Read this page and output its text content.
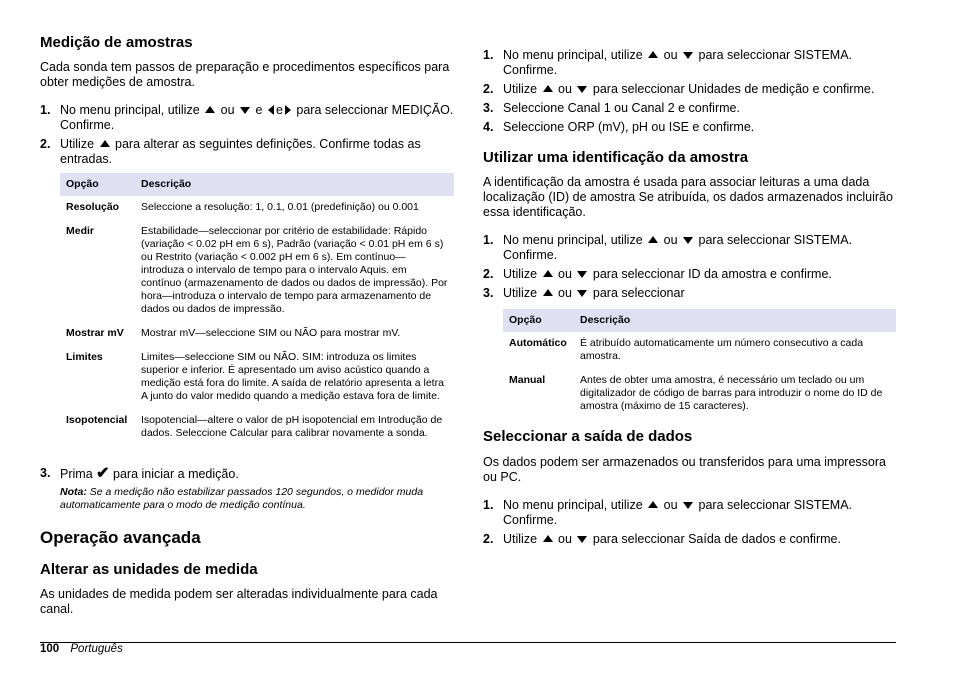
Medição de amostras

Cada sonda tem passos de preparação e procedimentos específicos para obter medições de amostra.

1. No menu principal, utilize ou e e para seleccionar MEDIÇÃO. Confirme.
2. Utilize para alterar as seguintes definições. Confirme todas as entradas.
Opção	Descrição
Resolução	Seleccione a resolução: 1, 0.1, 0.01 (predefinição) ou 0.001
Medir	Estabilidade—seleccionar por critério de estabilidade: Rápido (variação < 0.02 pH em 6 s), Padrão (variação < 0.01 pH em 6 s) ou Restrito (variação < 0.002 pH em 6 s). Em contínuo—introduza o intervalo de tempo para o intervalo Aquis. em contínuo (armazenamento de dados ou dados de impressão). Por hora—introduza o intervalo de tempo para armazenamento de dados ou dados de impressão.
Mostrar mV	Mostrar mV—seleccione SIM ou NÃO para mostrar mV.
Limites	Limites—seleccione SIM ou NÃO. SIM: introduza os limites superior e inferior. É apresentado um aviso acústico quando a medição está fora do limite. A saída de relatório apresenta a letra A junto do valor medido quando a medição estava fora de limite.
Isopotencial	Isopotencial—altere o valor de pH isopotencial em Introdução de dados. Seleccione Calcular para calibrar novamente a sonda.
3. Prima ✔ para iniciar a medição.
Nota: Se a medição não estabilizar passados 120 segundos, o medidor muda automaticamente para o modo de medição contínua.
Operação avançada
Alterar as unidades de medida

As unidades de medida podem ser alteradas individualmente para cada canal.

1. No menu principal, utilize ou para seleccionar SISTEMA. Confirme.
2. Utilize ou para seleccionar Unidades de medição e confirme.
3. Seleccione Canal 1 ou Canal 2 e confirme.
4. Seleccione ORP (mV), pH ou ISE e confirme.
Utilizar uma identificação da amostra

A identificação da amostra é usada para associar leituras a uma dada localização (ID) de amostra Se atribuída, os dados armazenados incluirão essa identificação.

1. No menu principal, utilize ou para seleccionar SISTEMA. Confirme.
2. Utilize ou para seleccionar ID da amostra e confirme.
3. Utilize ou para seleccionar
Opção	Descrição
Automático	É atribuído automaticamente um número consecutivo a cada amostra.
Manual	Antes de obter uma amostra, é necessário um teclado ou um digitalizador de código de barras para introduzir o nome do ID de amostra (máximo de 15 caracteres).
Seleccionar a saída de dados

Os dados podem ser armazenados ou transferidos para uma impressora ou PC.

1. No menu principal, utilize ou para seleccionar SISTEMA. Confirme.
2. Utilize ou para seleccionar Saída de dados e confirme.
100 Português
